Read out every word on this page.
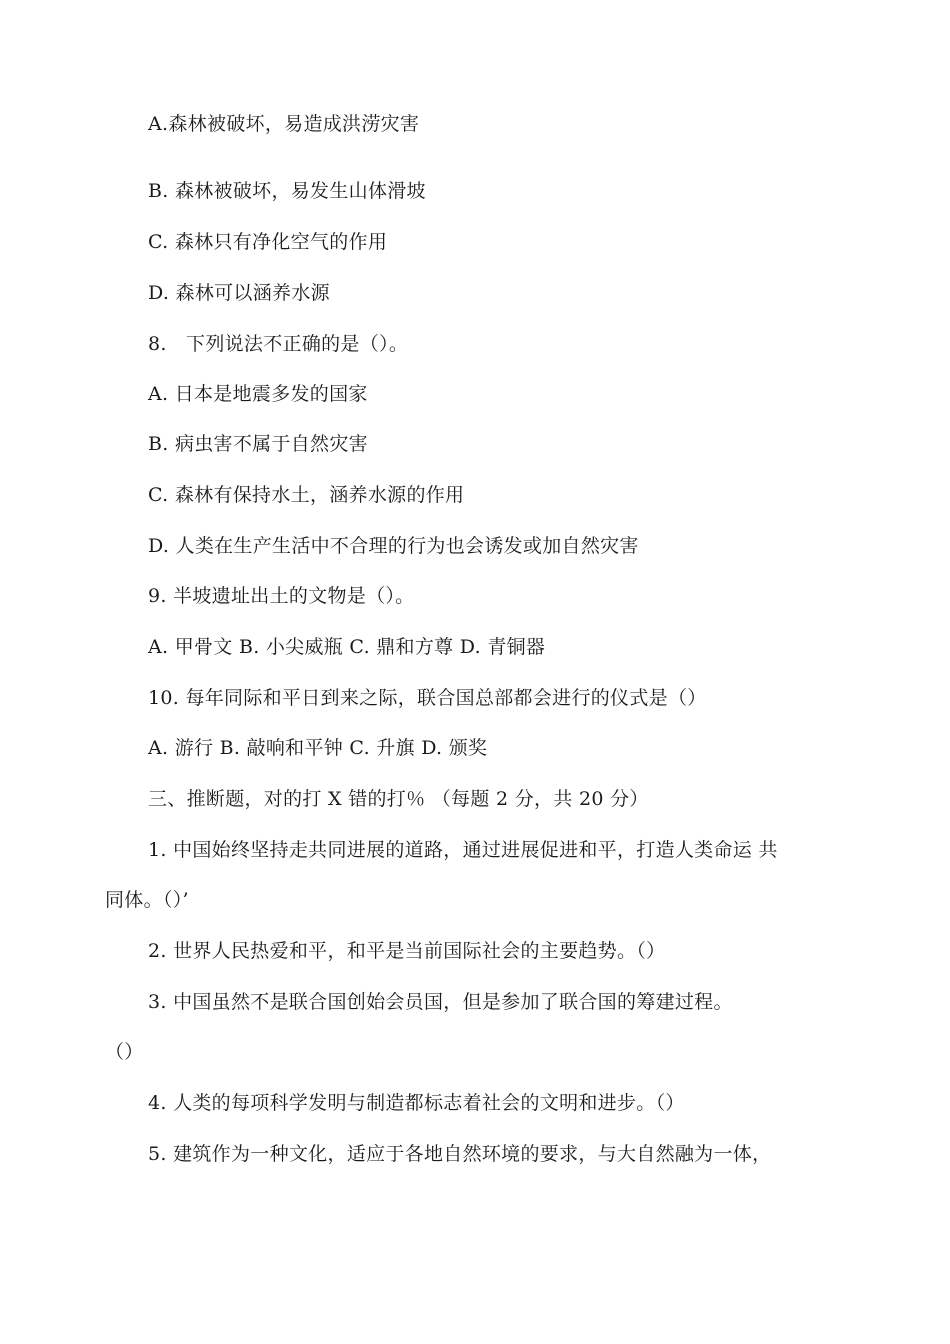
A.森林被破坏，易造成洪涝灾害

B. 森林被破坏，易发生山体滑坡

C. 森林只有净化空气的作用

D. 森林可以涵养水源

8.　下列说法不正确的是（）。

A. 日本是地震多发的国家

B. 病虫害不属于自然灾害

C. 森林有保持水土，涵养水源的作用

D. 人类在生产生活中不合理的行为也会诱发或加自然灾害

9. 半坡遗址出土的文物是（）。

A. 甲骨文 B. 小尖威瓶 C. 鼎和方尊 D. 青铜器

10. 每年同际和平日到来之际，联合国总部都会进行的仪式是（）

A. 游行 B. 敲响和平钟 C. 升旗 D. 颁奖

三、推断题，对的打 X 错的打％ （每题 2 分，共 20 分）

1. 中国始终坚持走共同进展的道路，通过进展促进和平，打造人类命运 共

同体。（）’

2. 世界人民热爱和平，和平是当前国际社会的主要趋势。（）

3. 中国虽然不是联合国创始会员国，但是参加了联合国的筹建过程。

（）

4. 人类的每项科学发明与制造都标志着社会的文明和进步。（）

5. 建筑作为一种文化，适应于各地自然环境的要求，与大自然融为一体，
